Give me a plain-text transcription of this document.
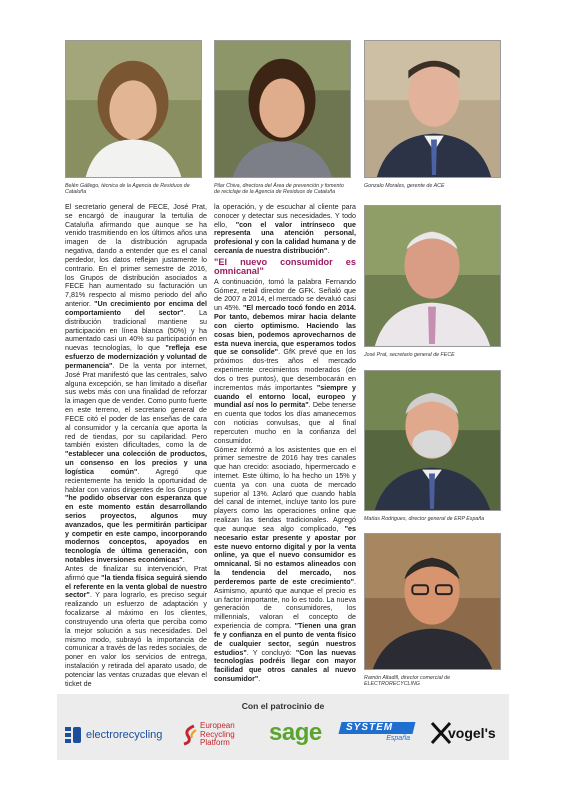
Belén Gállego, técnica de la Agencia de Residuos de Cataluña
Pilar Chiva, directora del Área de prevención y fomento de reciclaje de la Agencia de Residuos de Cataluña
Gonzalo Morales, gerente de ACE
José Prat, secretario general de FECE
Matías Rodrigues, director general de ERP España
Ramón Altadill, director comercial de ELECTRORECYCLING

El secretario general de FECE, José Prat, se encargó de inaugurar la tertulia de Cataluña afirmando que aunque se ha venido trasmitiendo en los últimos años una imagen de la distribución agrupada negativa, dando a entender que es el canal perdedor, los datos reflejan justamente lo contrario. En el primer semestre de 2016, los Grupos de distribución asociados a FECE han aumentado su facturación un 7,81% respecto al mismo periodo del año anterior. "Un crecimiento por encima del comportamiento del sector". La distribución tradicional mantiene su participación en línea blanca (50%) y ha aumentado casi un 40% su participación en nuevas tecnologías, lo que "refleja ese esfuerzo de modernización y voluntad de permanencia". De la venta por internet, José Prat manifestó que las centrales, salvo alguna excepción, se han limitado a diseñar sus webs más con una finalidad de reforzar la imagen que de vender. Como punto fuerte en este terreno, el secretario general de FECE citó el poder de las enseñas de cara al consumidor y la cercanía que aporta la red de tiendas, por su capilaridad. Pero también existen dificultades, como la de "establecer una colección de productos, un consenso en los precios y una logística común". Agregó que recientemente ha tenido la oportunidad de hablar con varios dirigentes de los Grupos y "he podido observar con esperanza que en este momento están desarrollando serios proyectos, algunos muy avanzados, que les permitirán participar y competir en este campo, incorporando modernos conceptos, apoyados en tecnología de última generación, con notables inversiones económicas".

Antes de finalizar su intervención, Prat afirmó que "la tienda física seguirá siendo el referente en la venta global de nuestro sector". Y para lograrlo, es preciso seguir realizando un esfuerzo de adaptación y focalizarse al máximo en los clientes, construyendo una oferta que perciba como la mejor solución a sus necesidades. Del mismo modo, subrayó la importancia de comunicar a través de las redes sociales, de poner en valor los servicios de entrega, instalación y retirada del aparato usado, de potenciar las ventas cruzadas que elevan el ticket de

la operación, y de escuchar al cliente para conocer y detectar sus necesidades. Y todo ello, "con el valor intrínseco que representa una atención personal, profesional y con la calidad humana y de cercanía de nuestra distribución".

"El nuevo consumidor es omnicanal"

A continuación, tomó la palabra Fernando Gómez, retail director de GFK. Señaló que de 2007 a 2014, el mercado se devaluó casi un 45%. "El mercado tocó fondo en 2014. Por tanto, debemos mirar hacia delante con cierto optimismo. Haciendo las cosas bien, podemos aprovecharnos de esta nueva inercia, que esperamos todos que se consolide". GfK prevé que en los próximos dos-tres años el mercado experimente crecimientos moderados (de dos o tres puntos), que desembocarán en incrementos más importantes "siempre y cuando el entorno local, europeo y mundial así nos lo permita". Debe tenerse en cuenta que todos los días amanecemos con noticias convulsas, que al final repercuten mucho en la confianza del consumidor.

Gómez informó a los asistentes que en el primer semestre de 2016 hay tres canales que han crecido: asociado, hipermercado e internet. Este último, lo ha hecho un 15% y cuenta ya con una cuota de mercado superior al 13%. Aclaró que cuando habla del canal de internet, incluye tanto los pure players como las operaciones online que realizan las tiendas tradicionales. Agregó que aunque sea algo complicado, "es necesario estar presente y apostar por este nuevo entorno digital y por la venta online, ya que el nuevo consumidor es omnicanal. Si no estamos alineados con la tendencia del mercado, nos perderemos parte de este crecimiento". Asimismo, apuntó que aunque el precio es un factor importante, no lo es todo. La nueva generación de consumidores, los millennials, valoran el concepto de experiencia de compra. "Tienen una gran fe y confianza en el punto de venta físico de cualquier sector, según nuestros estudios". Y concluyó: "Con las nuevas tecnologías podréis llegar con mayor facilidad que otros canales al nuevo consumidor".

Con el patrocinio de
electrorecycling
European
Recycling
Platform sage SYSTEM
España	vogel's
